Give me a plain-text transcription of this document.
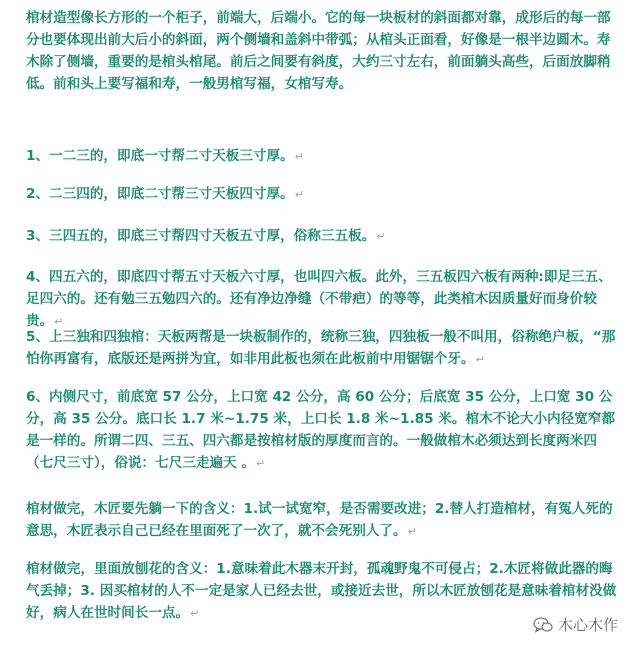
棺材造型像长方形的一个柜子，前端大，后端小。它的每一块板材的斜面都对靠，成形后的每一部分也要体现出前大后小的斜面，两个侧墙和盖斜中带弧；从棺头正面看，好像是一根半边圆木。寿木除了侧墙，重要的是棺头棺尾。前后之间要有斜度，大约三寸左右，前面躺头高些，后面放脚稍低。前和头上要写福和寿，一般男棺写福，女棺写寿。

1、一二三的，即底一寸帮二寸天板三寸厚。↵

2、二三四的，即底二寸帮三寸天板四寸厚。↵

3、三四五的，即底三寸帮四寸天板五寸厚，俗称三五板。↵

4、四五六的，即底四寸帮五寸天板六寸厚，也叫四六板。此外，三五板四六板有两种:即足三五、足四六的。还有勉三五勉四六的。还有净边净缝（不带疤）的等等，此类棺木因质量好而身价较贵。↵

5、上三独和四独棺：天板两帮是一块板制作的，统称三独，四独板一般不叫用，俗称绝户板，“那怕你再富有，底版还是两拼为宜，如非用此板也须在此板前中用锯锯个牙。↵

6、内侧尺寸，前底宽 57 公分，上口宽 42 公分，高 60 公分；后底宽 35 公分，上口宽 30 公分，高 35 公分。底口长 1.7 米~1.75 米，上口长 1.8 米~1.85 米。棺木不论大小内径宽窄都是一样的。所谓二四、三五、四六都是按棺材版的厚度而言的。一般做棺木必须达到长度两米四（七尺三寸），俗说：七尺三走遍天 。↵

棺材做完，木匠要先躺一下的含义：1.试一试宽窄，是否需要改进；2.替人打造棺材，有冤人死的意思，木匠表示自己已经在里面死了一次了，就不会死别人了。↵

棺材做完，里面放刨花的含义：1.意味着此木器末开封，孤魂野鬼不可侵占；2.木匠将做此器的晦气丢掉；3. 因买棺材的人不一定是家人已经去世，或接近去世，所以木匠放刨花是意味着棺材没做好，病人在世时间长一点。↵

木心木作
